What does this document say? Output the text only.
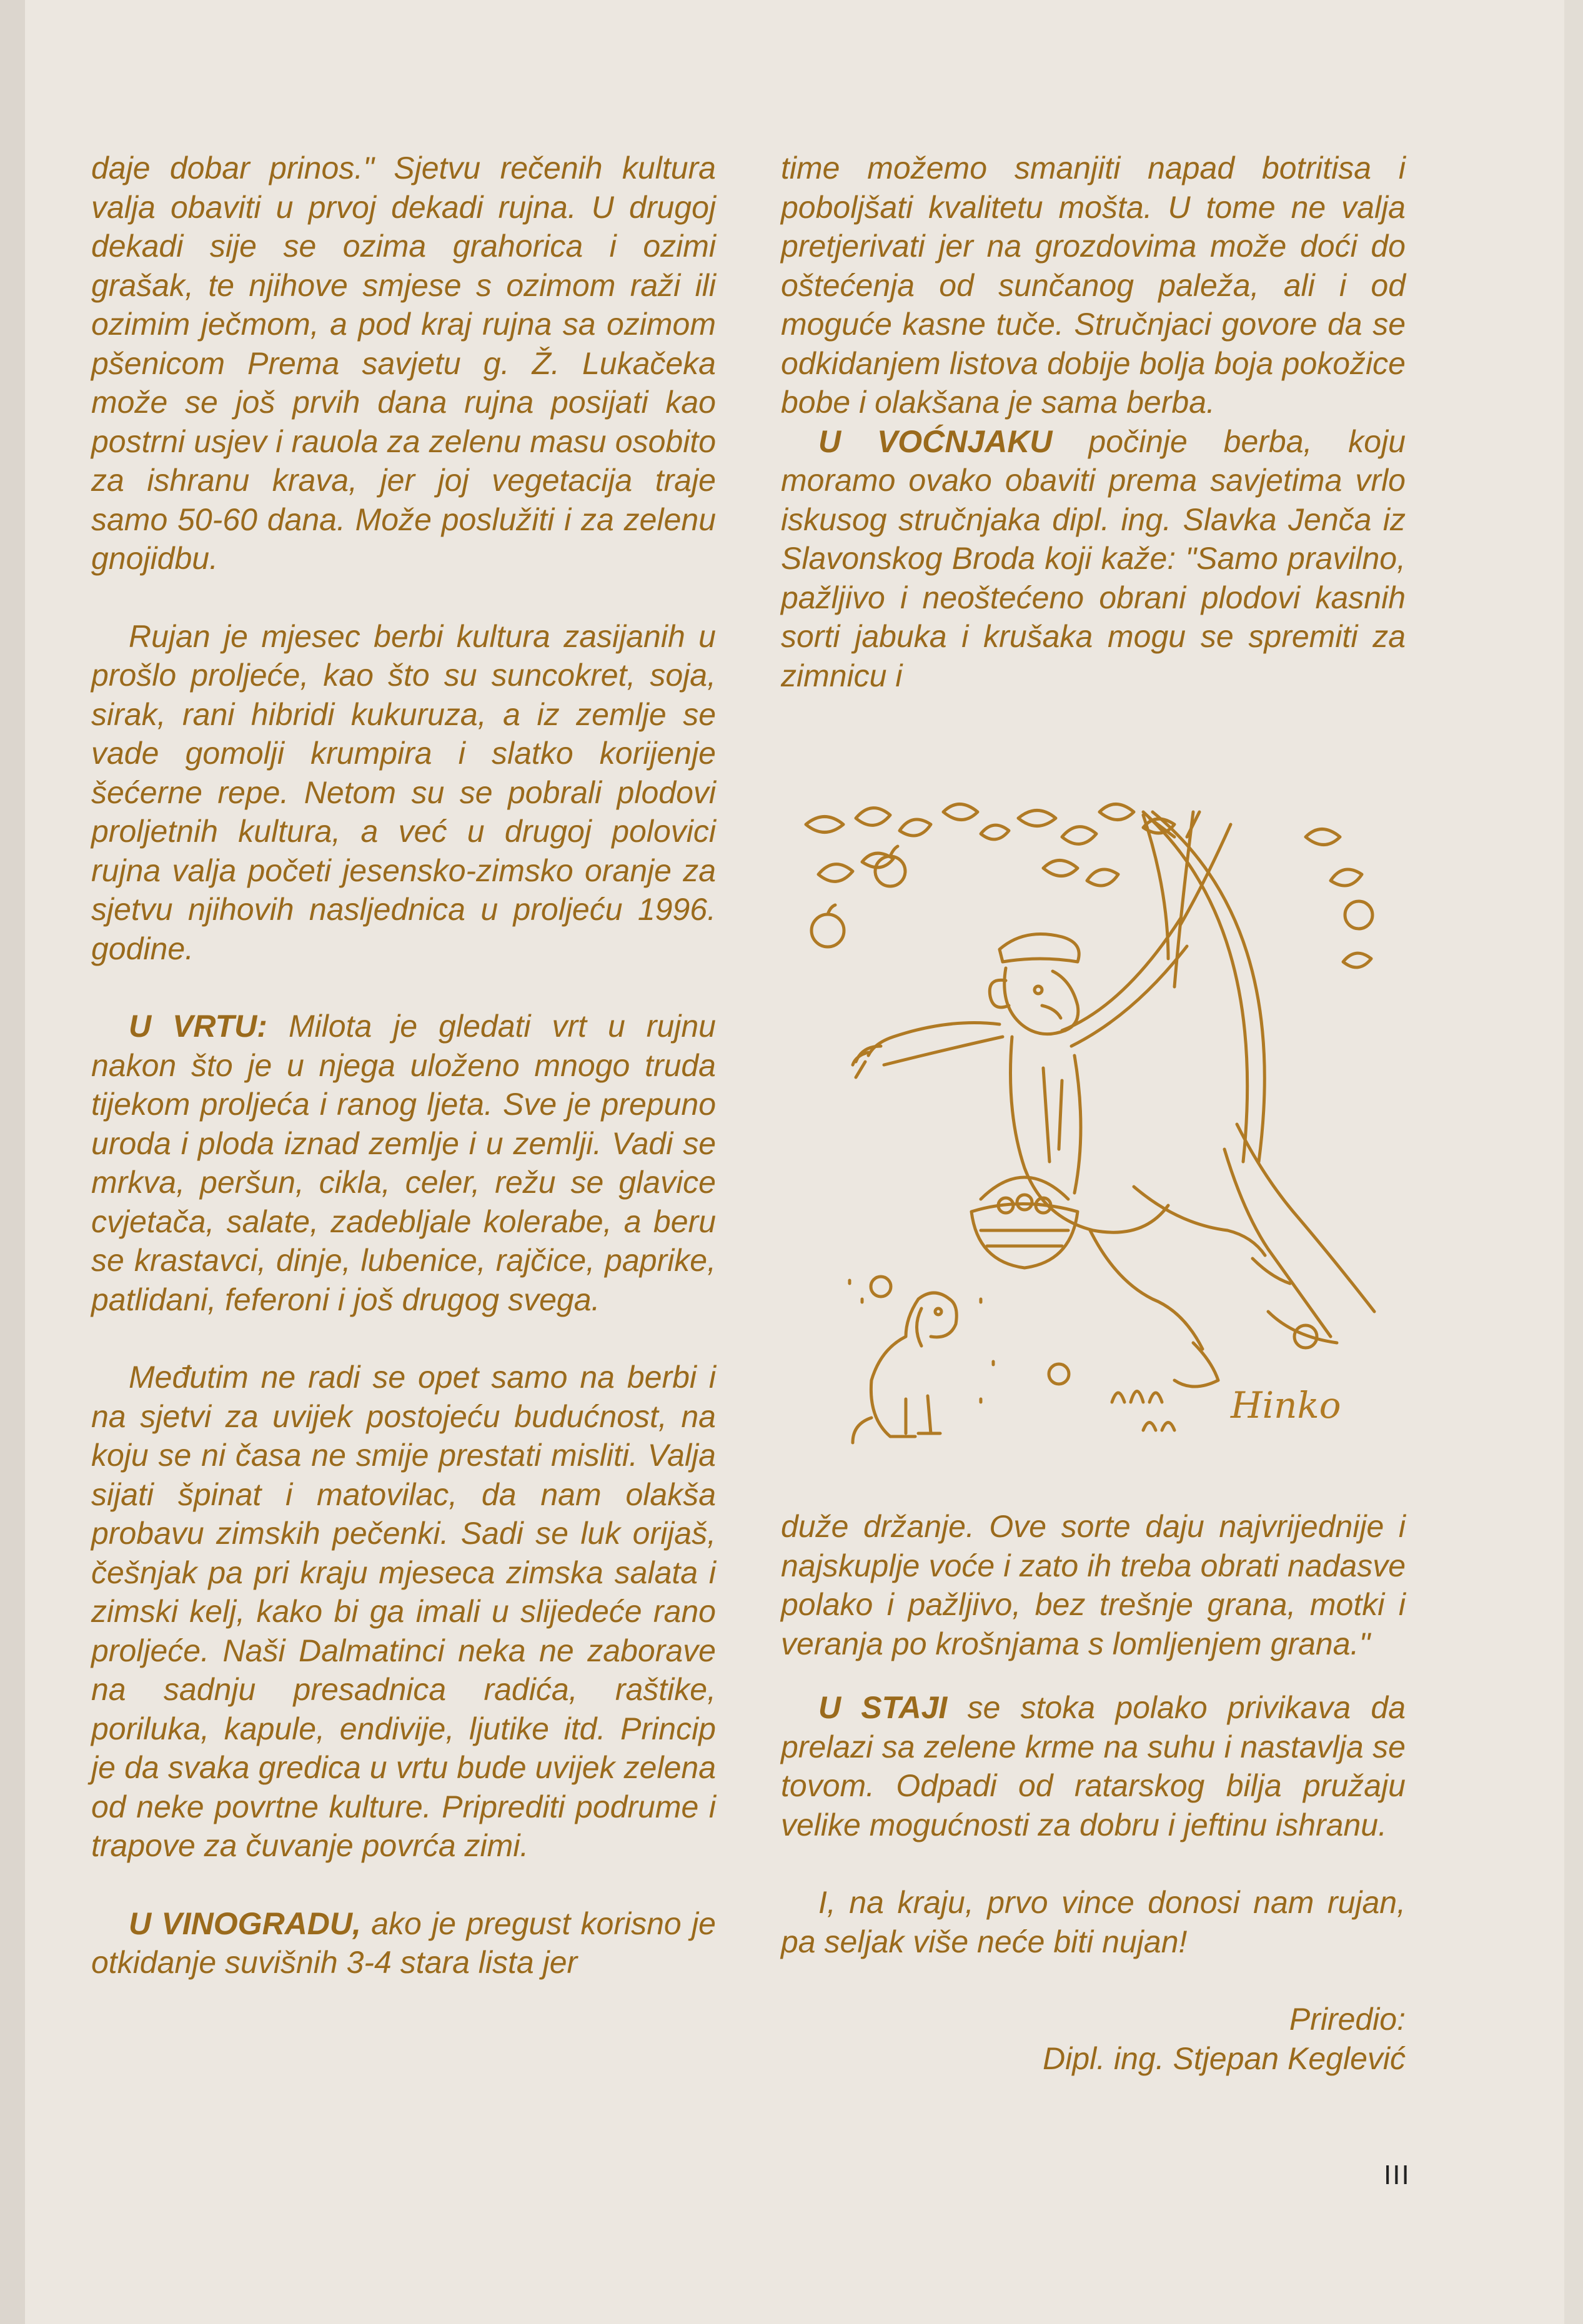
daje dobar prinos." Sjetvu rečenih kultura valja obaviti u prvoj dekadi rujna. U drugoj dekadi sije se ozima grahorica i ozimi grašak, te njihove smjese s ozimom raži ili ozimim ječmom, a pod kraj rujna sa ozimom pšenicom Prema savjetu g. Ž. Lukačeka može se još prvih dana rujna posijati kao postrni usjev i rauola za zelenu masu osobito za ishranu krava, jer joj vegetacija traje samo 50-60 dana. Može poslužiti i za zelenu gnojidbu.

Rujan je mjesec berbi kultura zasijanih u prošlo proljeće, kao što su suncokret, soja, sirak, rani hibridi kukuruza, a iz zemlje se vade gomolji krumpira i slatko korijenje šećerne repe. Netom su se pobrali plodovi proljetnih kultura, a već u drugoj polovici rujna valja početi jesensko-zimsko oranje za sjetvu njihovih nasljednica u proljeću 1996. godine.

U VRTU: Milota je gledati vrt u rujnu nakon što je u njega uloženo mnogo truda tijekom proljeća i ranog ljeta. Sve je prepuno uroda i ploda iznad zemlje i u zemlji. Vadi se mrkva, peršun, cikla, celer, režu se glavice cvjetača, salate, zadebljale kolerabe, a beru se krastavci, dinje, lubenice, rajčice, paprike, patlidani, feferoni i još drugog svega.

Međutim ne radi se opet samo na berbi i na sjetvi za uvijek postojeću budućnost, na koju se ni časa ne smije prestati misliti. Valja sijati špinat i matovilac, da nam olakša probavu zimskih pečenki. Sadi se luk orijaš, češnjak pa pri kraju mjeseca zimska salata i zimski kelj, kako bi ga imali u slijedeće rano proljeće. Naši Dalmatinci neka ne zaborave na sadnju presadnica radića, raštike, poriluka, kapule, endivije, ljutike itd. Princip je da svaka gredica u vrtu bude uvijek zelena od neke povrtne kulture. Priprediti podrume i trapove za čuvanje povrća zimi.

U VINOGRADU, ako je pregust korisno je otkidanje suvišnih 3-4 stara lista jer

time možemo smanjiti napad botritisa i poboljšati kvalitetu mošta. U tome ne valja pretjerivati jer na grozdovima može doći do oštećenja od sunčanog paleža, ali i od moguće kasne tuče. Stručnjaci govore da se odkidanjem listova dobije bolja boja pokožice bobe i olakšana je sama berba.

U VOĆNJAKU počinje berba, koju moramo ovako obaviti prema savjetima vrlo iskusog stručnjaka dipl. ing. Slavka Jenča iz Slavonskog Broda koji kaže: "Samo pravilno, pažljivo i neoštećeno obrani plodovi kasnih sorti jabuka i krušaka mogu se spremiti za zimnicu i

Hinko

duže držanje. Ove sorte daju najvrijednije i najskuplje voće i zato ih treba obrati nadasve polako i pažljivo, bez trešnje grana, motki i veranja po krošnjama s lomljenjem grana."

U STAJI se stoka polako privikava da prelazi sa zelene krme na suhu i nastavlja se tovom. Odpadi od ratarskog bilja pružaju velike mogućnosti za dobru i jeftinu ishranu.

I, na kraju, prvo vince donosi nam rujan, pa seljak više neće biti nujan!

Priredio:

Dipl. ing. Stjepan Keglević

III
